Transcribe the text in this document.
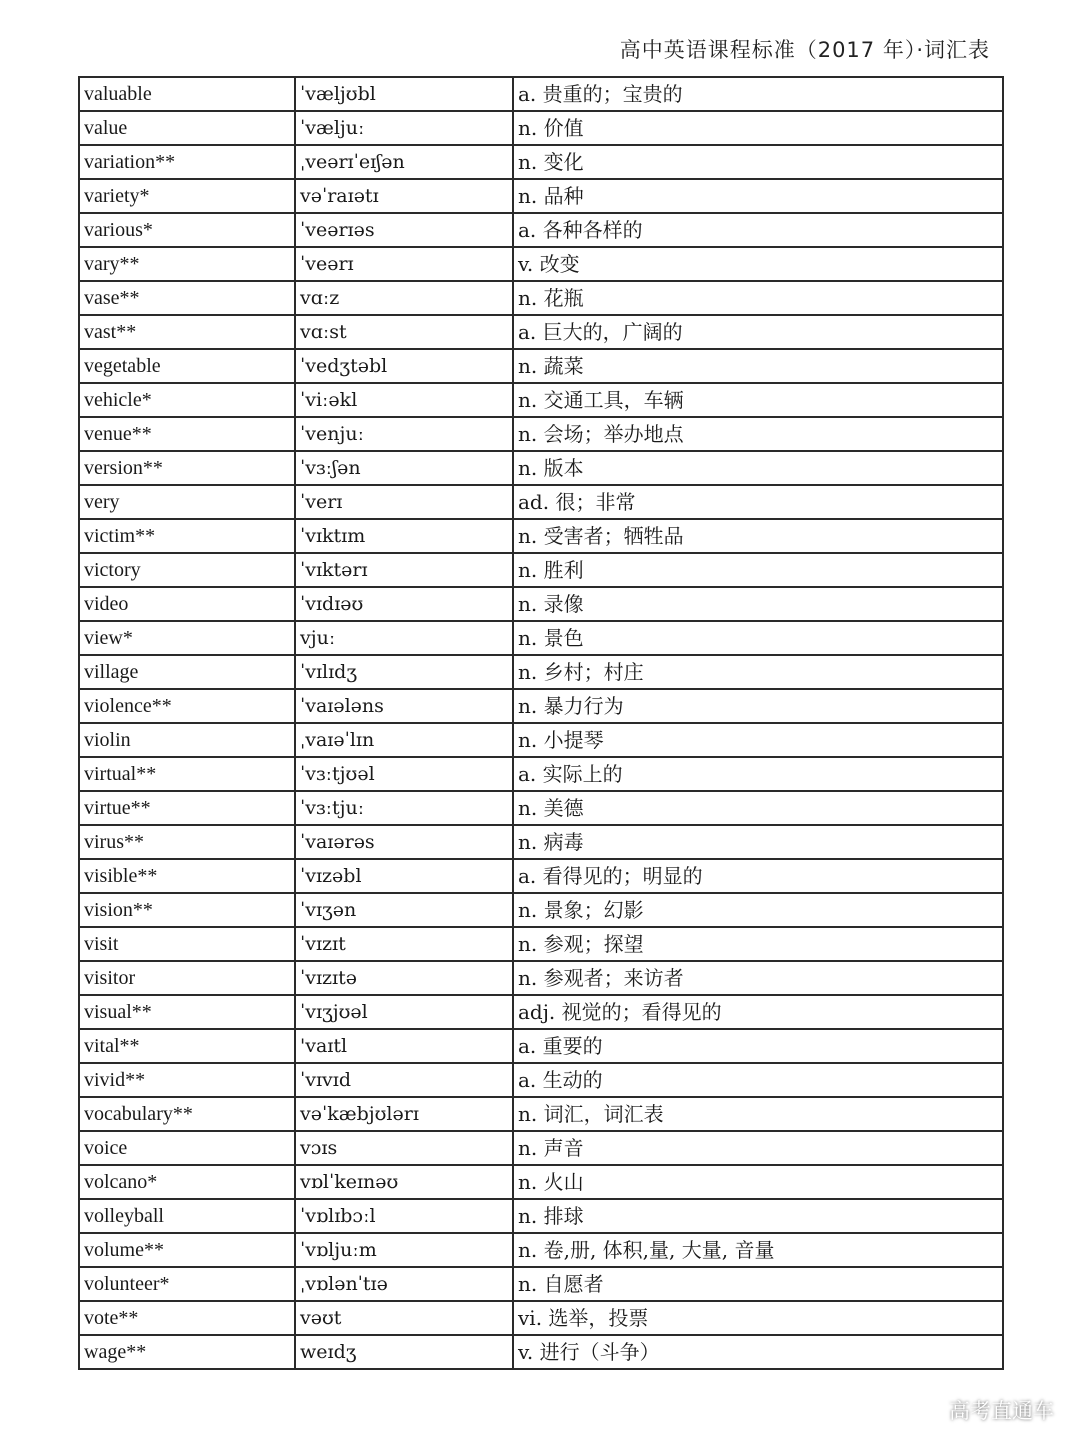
高中英语课程标准（2017 年）·词汇表
valuable	ˈvæljʊbl	a. 贵重的；宝贵的
value	ˈvæljuː	n. 价值
variation**	ˌveərɪˈeɪʃən	n. 变化
variety*	vəˈraɪətɪ	n. 品种
various*	ˈveərɪəs	a. 各种各样的
vary**	ˈveərɪ	v. 改变
vase**	vɑːz	n. 花瓶
vast**	vɑːst	a. 巨大的，广阔的
vegetable	ˈvedʒtəbl	n. 蔬菜
vehicle*	ˈviːəkl	n. 交通工具，车辆
venue**	ˈvenjuː	n. 会场；举办地点
version**	ˈvɜːʃən	n. 版本
very	ˈverɪ	ad. 很；非常
victim**	ˈvɪktɪm	n. 受害者；牺牲品
victory	ˈvɪktərɪ	n. 胜利
video	ˈvɪdɪəʊ	n. 录像
view*	vjuː	n. 景色
village	ˈvɪlɪdʒ	n. 乡村；村庄
violence**	ˈvaɪələns	n. 暴力行为
violin	ˌvaɪəˈlɪn	n. 小提琴
virtual**	ˈvɜːtjʊəl	a. 实际上的
virtue**	ˈvɜːtjuː	n. 美德
virus**	ˈvaɪərəs	n. 病毒
visible**	ˈvɪzəbl	a. 看得见的；明显的
vision**	ˈvɪʒən	n. 景象；幻影
visit	ˈvɪzɪt	n. 参观；探望
visitor	ˈvɪzɪtə	n. 参观者；来访者
visual**	ˈvɪʒjʊəl	adj. 视觉的；看得见的
vital**	'vaɪtl	a. 重要的
vivid**	ˈvɪvɪd	a. 生动的
vocabulary**	vəˈkæbjʊlərɪ	n. 词汇，词汇表
voice	vɔɪs	n. 声音
volcano*	vɒlˈkeɪnəʊ	n. 火山
volleyball	ˈvɒlɪbɔːl	n. 排球
volume**	ˈvɒljuːm	n. 卷,册, 体积,量, 大量, 音量
volunteer*	ˌvɒlənˈtɪə	n. 自愿者
vote**	vəʊt	vi. 选举，投票
wage**	weɪdʒ	v. 进行（斗争）
高考直通车
